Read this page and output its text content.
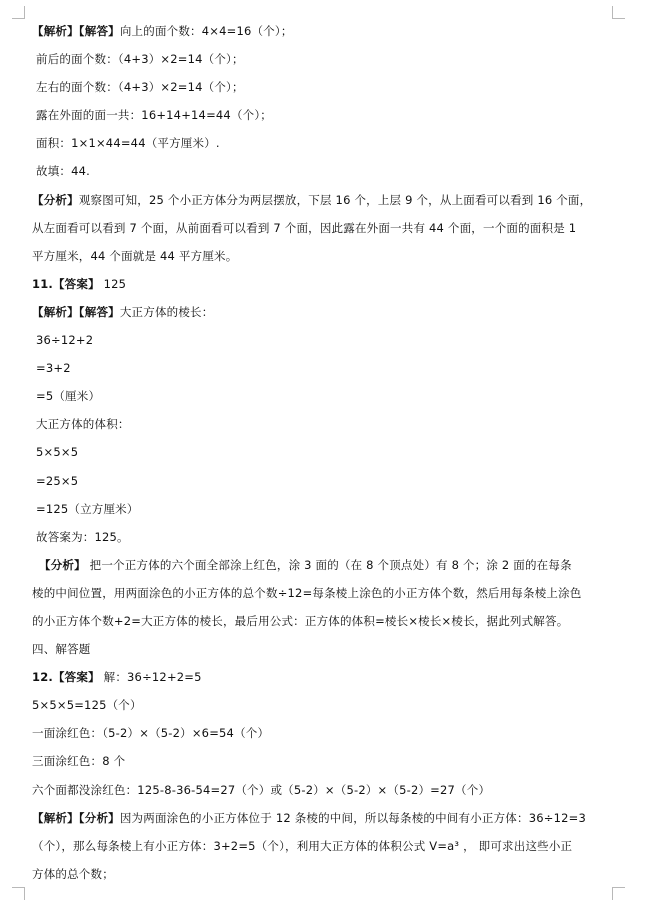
【解析】【解答】向上的面个数：4×4=16（个）；
前后的面个数：（4+3）×2=14（个）；
左右的面个数：（4+3）×2=14（个）；
露在外面的面一共：16+14+14=44（个）；
面积：1×1×44=44（平方厘米）.
故填：44.
【分析】观察图可知，25 个小正方体分为两层摆放，下层 16 个，上层 9 个，从上面看可以看到 16 个面，
从左面看可以看到 7 个面，从前面看可以看到 7 个面，因此露在外面一共有 44 个面，一个面的面积是 1
平方厘米，44 个面就是 44 平方厘米。
11.【答案】 125
【解析】【解答】大正方体的棱长：
36÷12+2
=3+2
=5（厘米）
大正方体的体积：
5×5×5
=25×5
=125（立方厘米）
故答案为：125。
【分析】 把一个正方体的六个面全部涂上红色，涂 3 面的（在 8 个顶点处）有 8 个；涂 2 面的在每条
棱的中间位置，用两面涂色的小正方体的总个数÷12=每条棱上涂色的小正方体个数，然后用每条棱上涂色
的小正方体个数+2=大正方体的棱长，最后用公式：正方体的体积=棱长×棱长×棱长，据此列式解答。
四、解答题
12.【答案】 解：36÷12+2=5
5×5×5=125（个）
一面涂红色：（5-2）×（5-2）×6=54（个）
三面涂红色：8 个
六个面都没涂红色：125-8-36-54=27（个）或（5-2）×（5-2）×（5-2）=27（个）
【解析】【分析】因为两面涂色的小正方体位于 12 条棱的中间，所以每条棱的中间有小正方体：36÷12=3
（个），那么每条棱上有小正方体：3+2=5（个），利用大正方体的体积公式 V=a³ ， 即可求出这些小正
方体的总个数；
